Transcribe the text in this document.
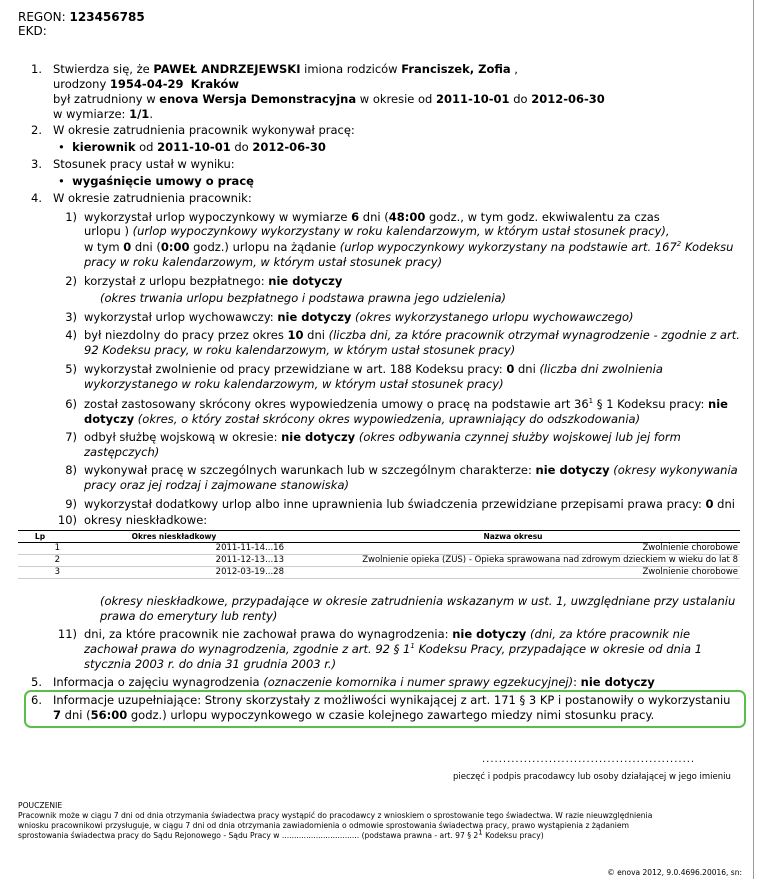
REGON: 123456785
EKD:
1. Stwierdza się, że PAWEŁ ANDRZEJEWSKI imiona rodziców Franciszek, Zofia ,
urodzony 1954-04-29 Kraków
był zatrudniony w enova Wersja Demonstracyjna w okresie od 2011-10-01 do 2012-06-30
w wymiarze: 1/1.
2. W okresie zatrudnienia pracownik wykonywał pracę:
•  kierownik od 2011-10-01 do 2012-06-30
3. Stosunek pracy ustał w wyniku:
•  wygaśnięcie umowy o pracę
4. W okresie zatrudnienia pracownik:
1) wykorzystał urlop wypoczynkowy w wymiarze 6 dni (48:00 godz., w tym godz. ekwiwalentu za czas
urlopu ) (urlop wypoczynkowy wykorzystany w roku kalendarzowym, w którym ustał stosunek pracy),
w tym 0 dni (0:00 godz.) urlopu na żądanie (urlop wypoczynkowy wykorzystany na podstawie art. $167^2$ Kodeksu
pracy w roku kalendarzowym, w którym ustał stosunek pracy)
2) korzystał z urlopu bezpłatnego: nie dotyczy
(okres trwania urlopu bezpłatnego i podstawa prawna jego udzielenia)
3) wykorzystał urlop wychowawczy: nie dotyczy (okres wykorzystanego urlopu wychowawczego)
4) był niezdolny do pracy przez okres 10 dni (liczba dni, za które pracownik otrzymał wynagrodzenie - zgodnie z art.
92 Kodeksu pracy, w roku kalendarzowym, w którym ustał stosunek pracy)
5) wykorzystał zwolnienie od pracy przewidziane w art. 188 Kodeksu pracy: 0 dni (liczba dni zwolnienia
wykorzystanego w roku kalendarzowym, w którym ustał stosunek pracy)
6) został zastosowany skrócony okres wypowiedzenia umowy o pracę na podstawie art $36^1$ § 1 Kodeksu pracy: nie
dotyczy (okres, o który został skrócony okres wypowiedzenia, uprawniający do odszkodowania)
7) odbył służbę wojskową w okresie: nie dotyczy (okres odbywania czynnej służby wojskowej lub jej form
zastępczych)
8) wykonywał pracę w szczególnych warunkach lub w szczególnym charakterze: nie dotyczy (okresy wykonywania
pracy oraz jej rodzaj i zajmowane stanowiska)
9) wykorzystał dodatkowy urlop albo inne uprawnienia lub świadczenia przewidziane przepisami prawa pracy: 0 dni
10) okresy nieskładkowe:
Lp	Okres nieskładkowy	Nazwa okresu
1	2011-11-14...16	Zwolnienie chorobowe
2	2011-12-13...13	Zwolnienie opieka (ZUS) - Opieka sprawowana nad zdrowym dzieckiem w wieku do lat 8
3	2012-03-19...28	Zwolnienie chorobowe
(okresy nieskładkowe, przypadające w okresie zatrudnienia wskazanym w ust. 1, uwzględniane przy ustalaniu
prawa do emerytury lub renty)
11) dni, za które pracownik nie zachował prawa do wynagrodzenia: nie dotyczy (dni, za które pracownik nie
zachował prawa do wynagrodzenia, zgodnie z art. 92 § $1^1$ Kodeksu Pracy, przypadające w okresie od dnia 1
stycznia 2003 r. do dnia 31 grudnia 2003 r.)
5. Informacja o zajęciu wynagrodzenia (oznaczenie komornika i numer sprawy egzekucyjnej): nie dotyczy
6. Informacje uzupełniające: Strony skorzystały z możliwości wynikającej z art. 171 § 3 KP i postanowiły o wykorzystaniu
7 dni (56:00 godz.) urlopu wypoczynkowego w czasie kolejnego zawartego miedzy nimi stosunku pracy.
...................................................
pieczęć i podpis pracodawcy lub osoby działającej w jego imieniu
POUCZENIE
Pracownik może w ciągu 7 dni od dnia otrzymania świadectwa pracy wystąpić do pracodawcy z wnioskiem o sprostowanie tego świadectwa. W razie nieuwzględnienia
wniosku pracownikowi przysługuje, w ciągu 7 dni od dnia otrzymania zawiadomienia o odmowie sprostowania świadectwa pracy, prawo wystąpienia z żądaniem
sprostowania świadectwa pracy do Sądu Rejonowego - Sądu Pracy w ................................ (podstawa prawna - art. 97 § $2^1$ Kodeksu pracy)
© enova 2012, 9.0.4696.20016, sn:
